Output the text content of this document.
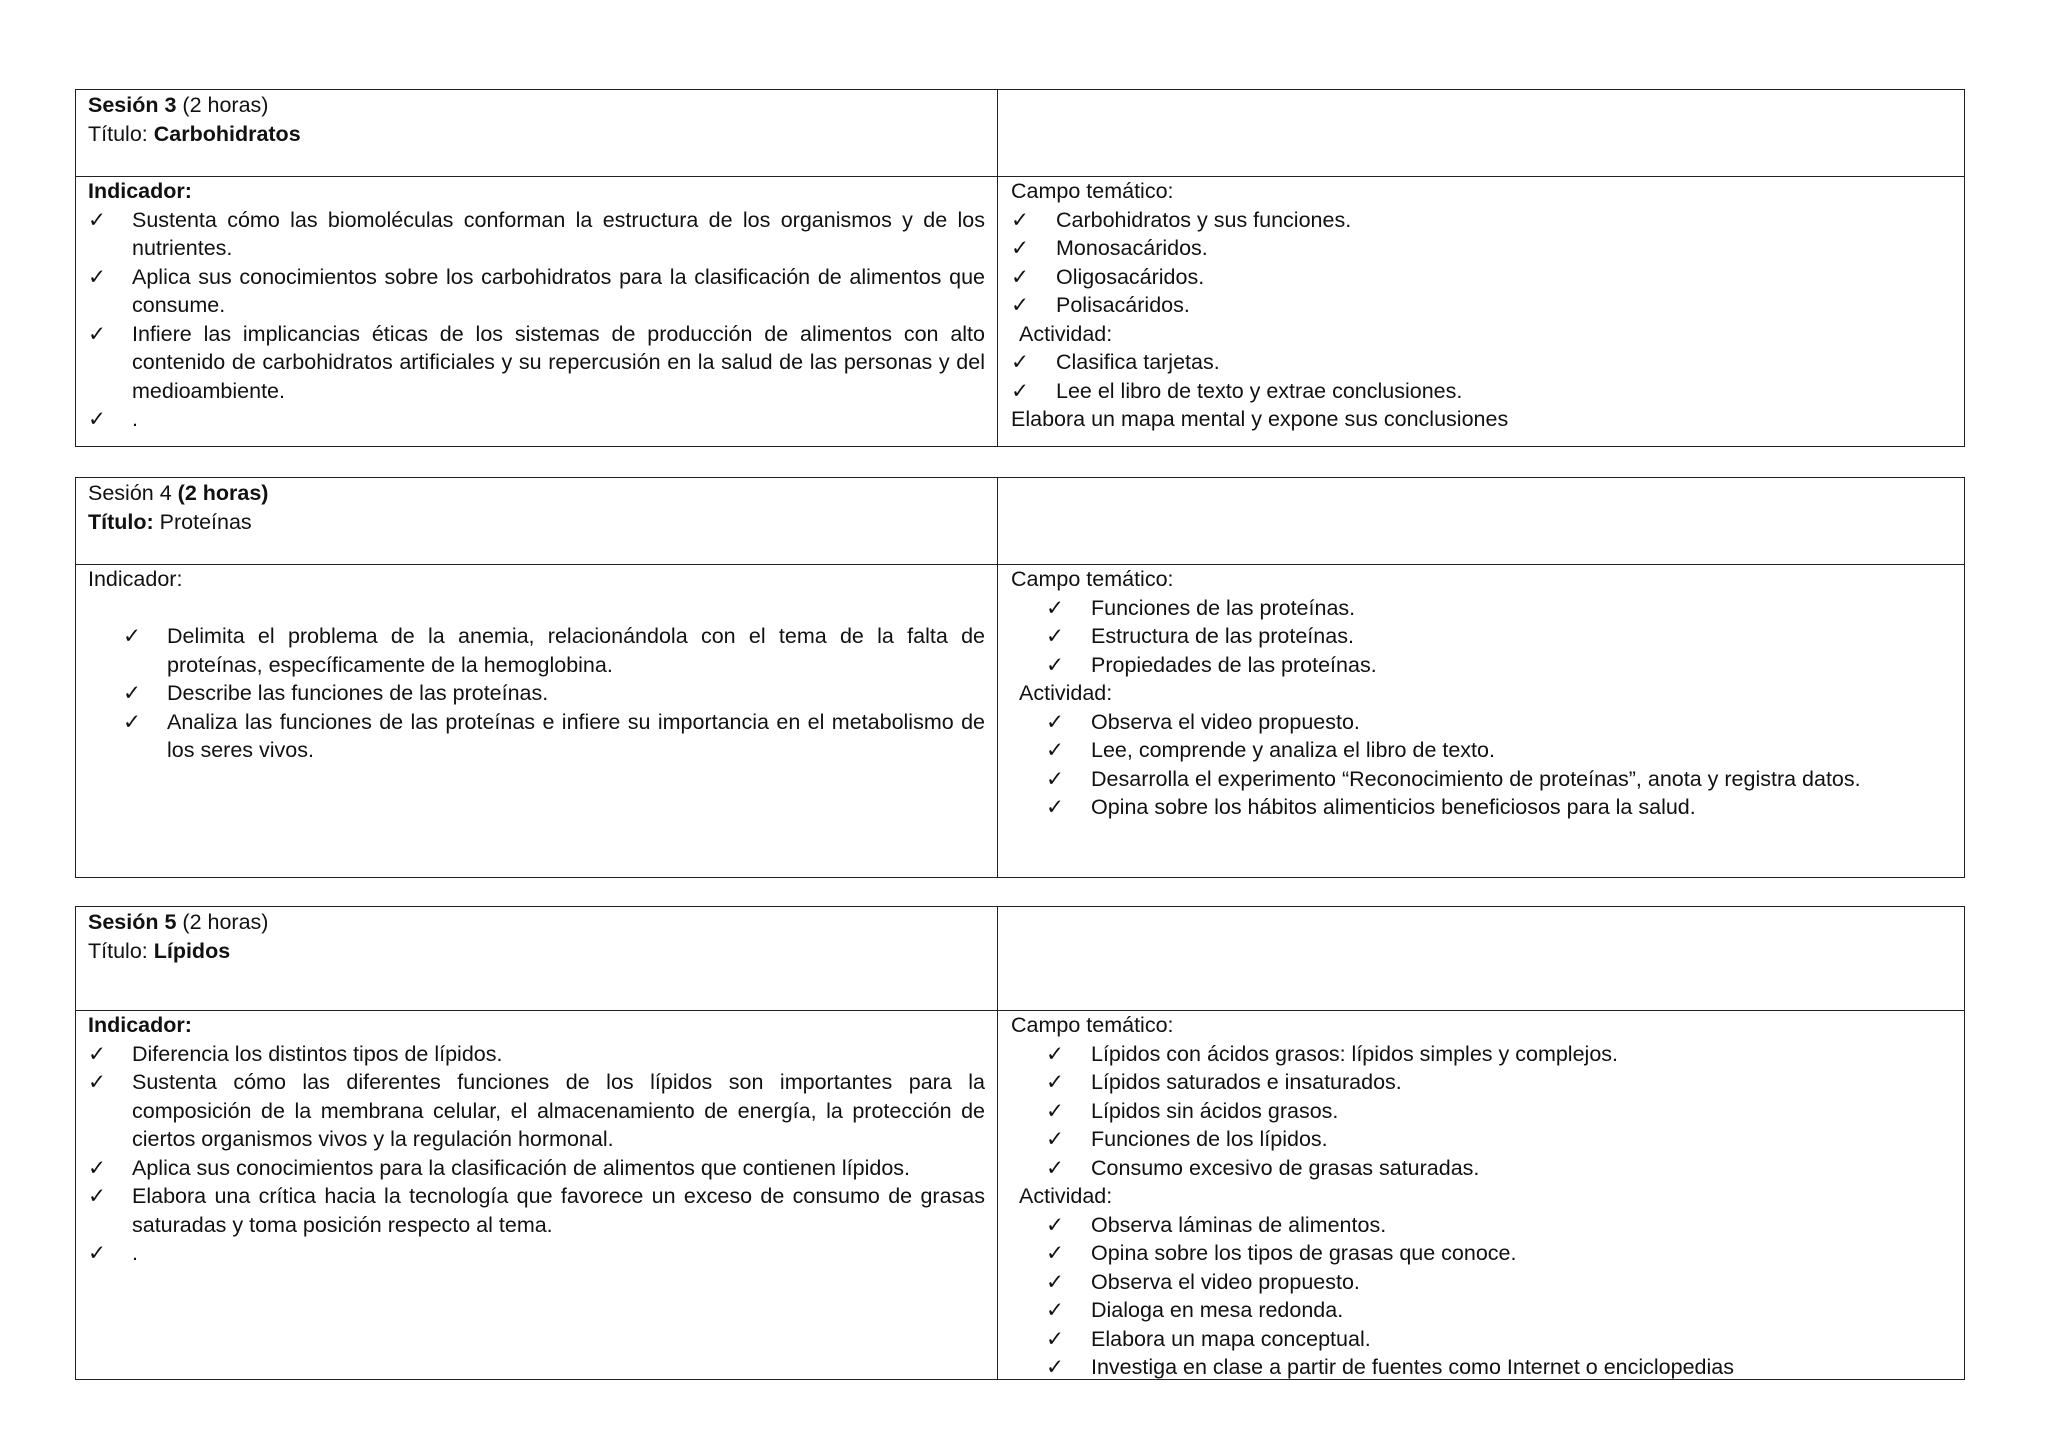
Sesión 3 (2 horas)

Título: Carbohidratos

Indicador:

✓ Sustenta cómo las biomoléculas conforman la estructura de los organismos y de los nutrientes.
✓ Aplica sus conocimientos sobre los carbohidratos para la clasificación de alimentos que consume.
✓ Infiere las implicancias éticas de los sistemas de producción de alimentos con alto contenido de carbohidratos artificiales y su repercusión en la salud de las personas y del medioambiente.
✓ .

Campo temático:

✓ Carbohidratos y sus funciones.
✓ Monosacáridos.
✓ Oligosacáridos.
✓ Polisacáridos.

Actividad:

✓ Clasifica tarjetas.
✓ Lee el libro de texto y extrae conclusiones.

Elabora un mapa mental y expone sus conclusiones

Sesión 4 (2 horas)

Título: Proteínas

Indicador:

✓ Delimita el problema de la anemia, relacionándola con el tema de la falta de proteínas, específicamente de la hemoglobina.
✓ Describe las funciones de las proteínas.
✓ Analiza las funciones de las proteínas e infiere su importancia en el metabolismo de los seres vivos.

Campo temático:

✓ Funciones de las proteínas.
✓ Estructura de las proteínas.
✓ Propiedades de las proteínas.

Actividad:

✓ Observa el video propuesto.
✓ Lee, comprende y analiza el libro de texto.
✓ Desarrolla el experimento “Reconocimiento de proteínas”, anota y registra datos.
✓ Opina sobre los hábitos alimenticios beneficiosos para la salud.

Sesión 5 (2 horas)

Título: Lípidos

Indicador:

✓ Diferencia los distintos tipos de lípidos.
✓ Sustenta cómo las diferentes funciones de los lípidos son importantes para la composición de la membrana celular, el almacenamiento de energía, la protección de ciertos organismos vivos y la regulación hormonal.
✓ Aplica sus conocimientos para la clasificación de alimentos que contienen lípidos.
✓ Elabora una crítica hacia la tecnología que favorece un exceso de consumo de grasas saturadas y toma posición respecto al tema.
✓ .

Campo temático:

✓ Lípidos con ácidos grasos: lípidos simples y complejos.
✓ Lípidos saturados e insaturados.
✓ Lípidos sin ácidos grasos.
✓ Funciones de los lípidos.
✓ Consumo excesivo de grasas saturadas.

Actividad:

✓ Observa láminas de alimentos.
✓ Opina sobre los tipos de grasas que conoce.
✓ Observa el video propuesto.
✓ Dialoga en mesa redonda.
✓ Elabora un mapa conceptual.
✓ Investiga en clase a partir de fuentes como Internet o enciclopedias
